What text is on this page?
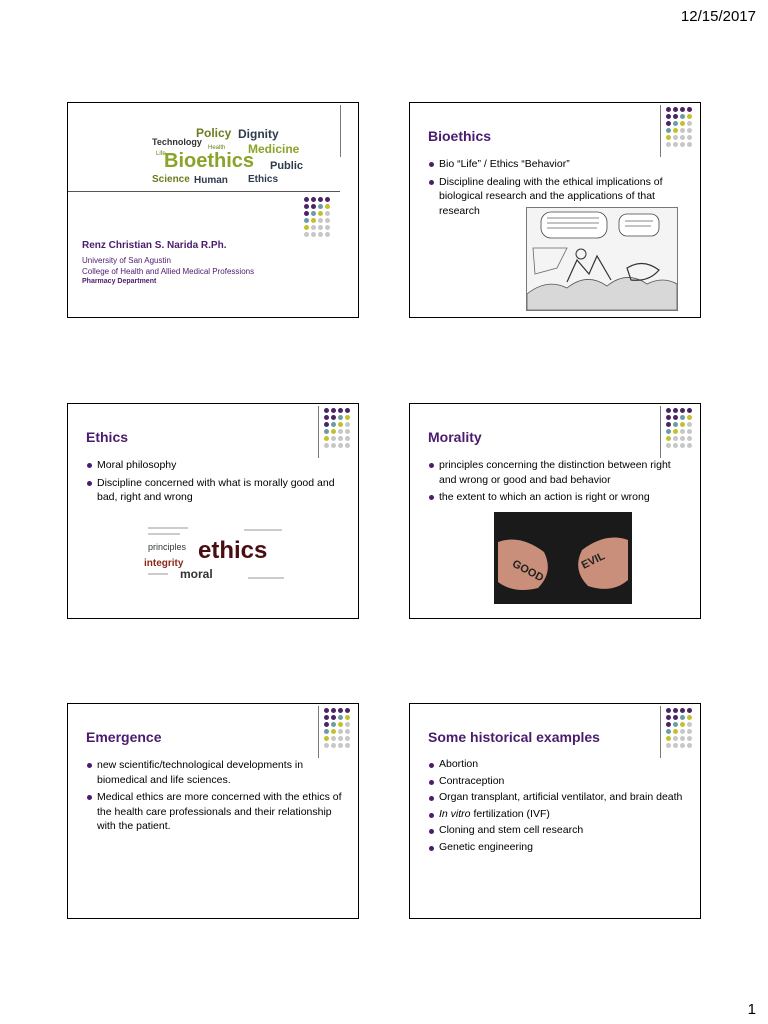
12/15/2017
Policy Dignity
Technology	Medicine
Bioethics Public
Science Human Ethics
Health
Life
Renz Christian S. Narida R.Ph.
University of San Agustin
College of Health and Allied Medical Professions
Pharmacy Department
Bioethics
Bio “Life” / Ethics “Behavior”
Discipline dealing with the ethical implications of biological research and the applications of that research
Ethics
Moral philosophy
Discipline concerned with what is morally good and bad, right and wrong
ethics
principles
integrity
moral
Morality
principles concerning the distinction between right and wrong or good and bad behavior
the extent to which an action is right or wrong
GOOD	EVIL
Emergence
new scientific/technological developments in biomedical and life sciences.
Medical ethics are more concerned with the ethics of the health care professionals and their relationship with the patient.
Some historical examples
Abortion
Contraception
Organ transplant, artificial ventilator, and brain death
In vitro fertilization (IVF)
Cloning and stem cell research
Genetic engineering
1
